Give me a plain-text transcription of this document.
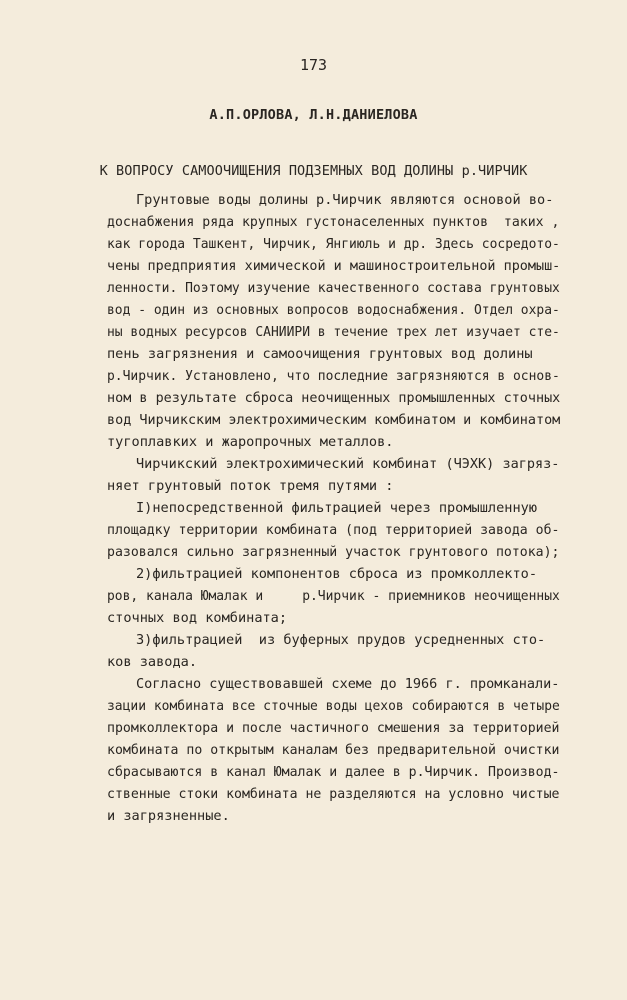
173
А.П.ОРЛОВА, Л.Н.ДАНИЕЛОВА
К ВОПРОСУ САМООЧИЩЕНИЯ ПОДЗЕМНЫХ ВОД ДОЛИНЫ р.ЧИРЧИК
Грунтовые воды долины р.Чирчик являются основой во-
доснабжения ряда крупных густонаселенных пунктов  таких ,
как города Ташкент, Чирчик, Янгиюль и др. Здесь сосредото-
чены предприятия химической и машиностроительной промыш-
ленности. Поэтому изучение качественного состава грунтовых
вод - один из основных вопросов водоснабжения. Отдел охра-
ны водных ресурсов САНИИРИ в течение трех лет изучает сте-
пень загрязнения и самоочищения грунтовых вод долины
р.Чирчик. Установлено, что последние загрязняются в основ-
ном в результате сброса неочищенных промышленных сточных
вод Чирчикским электрохимическим комбинатом и комбинатом
тугоплавких и жаропрочных металлов.
Чирчикский электрохимический комбинат (ЧЭХК) загряз-
няет грунтовый поток тремя путями :
I)непосредственной фильтрацией через промышленную
площадку территории комбината (под территорией завода об-
разовался сильно загрязненный участок грунтового потока);
2)фильтрацией компонентов сброса из промколлекто-
ров, канала Юмалак и     р.Чирчик - приемников неочищенных
сточных вод комбината;
3)фильтрацией  из буферных прудов усредненных сто-
ков завода.
Согласно существовавшей схеме до 1966 г. промканали-
зации комбината все сточные воды цехов собираются в четыре
промколлектора и после частичного смешения за территорией
комбината по открытым каналам без предварительной очистки
сбрасываются в канал Юмалак и далее в р.Чирчик. Производ-
ственные стоки комбината не разделяются на условно чистые
и загрязненные.
